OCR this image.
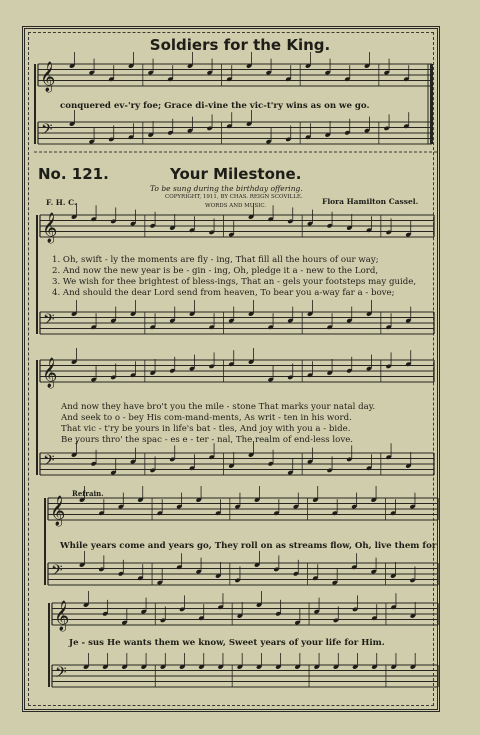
𝄞
𝄢
𝄞
𝄢
𝄞
𝄢
𝄞
𝄢
𝄞
𝄢
Soldiers for the King.
conquered ev-'ry foe; Grace di-vine the vic-t'ry wins as on we go.
No. 121.	Your Milestone.
To be sung during the birthday offering.
COPYRIGHT, 1911, BY CHAS. REIGN SCOVILLE.
WORDS AND MUSIC.
F. H. C.	Flora Hamilton Cassel.
1. Oh, swift - ly the moments are fly - ing, That fill all the hours of our way;
2. And now the new year is be - gin - ing, Oh, pledge it a - new to the Lord,
3. We wish for thee brightest of bless-ings, That an - gels your footsteps may guide,
4. And should the dear Lord send from heaven, To bear you a-way far a - bove;
And now they have bro't you the mile - stone That marks your natal day.
And seek to o - bey His com-mand-ments, As writ - ten in his word.
That vic - t'ry be yours in life's bat - tles, And joy with you a - bide.
Be yours thro' the spac - es e - ter - nal, The realm of end-less love.
Refrain.
While years come and years go, They roll on as streams flow, Oh, live them for
Je - sus He wants them we know, Sweet years of your life for Him.
